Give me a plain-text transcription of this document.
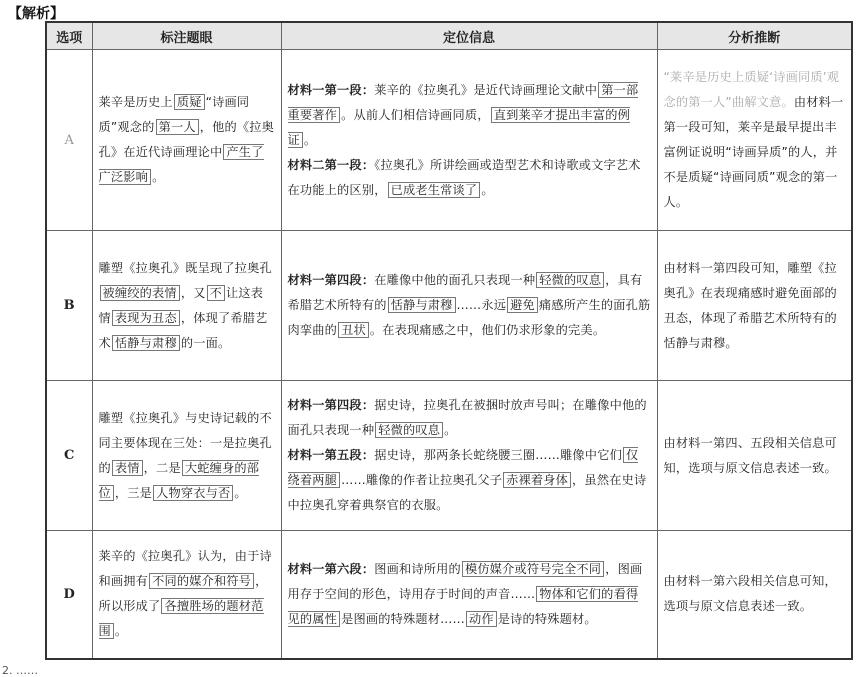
【解析】
选项	标注题眼	定位信息	分析推断
A	莱辛是历史上 质疑 “诗画同质”观念的 第一人 ，他的《拉奥孔》在近代诗画理论中 产生了广泛影响 。	材料一第一段：莱辛的《拉奥孔》是近代诗画理论文献中 第一部重要著作 。从前人们相信诗画同质， 直到莱辛才提出丰富的例证 。
材料二第一段：《拉奥孔》所讲绘画或造型艺术和诗歌或文字艺术在功能上的区别， 已成老生常谈了 。	“莱辛是历史上质疑‘诗画同质’观念的第一人”曲解文意。由材料一第一段可知，莱辛是最早提出丰富例证说明“诗画异质”的人，并不是质疑“诗画同质”观念的第一人。
B	雕塑《拉奥孔》既呈现了拉奥孔被缠绞的表情 ，又 不 让这表情 表现为丑态 ，体现了希腊艺术 恬静与肃穆 的一面。	材料一第四段：在雕像中他的面孔只表现一种 轻微的叹息 ，具有希腊艺术所特有的 恬静与肃穆 ……永远 避免 痛感所产生的面孔筋肉挛曲的 丑状 。在表现痛感之中，他们仍求形象的完美。	由材料一第四段可知，雕塑《拉奥孔》在表现痛感时避免面部的丑态，体现了希腊艺术所特有的恬静与肃穆。
C	雕塑《拉奥孔》与史诗记载的不同主要体现在三处：一是拉奥孔的 表情 ，二是 大蛇缠身的部位 ，三是 人物穿衣与否 。	材料一第四段：据史诗，拉奥孔在被捆时放声号叫；在雕像中他的面孔只表现一种 轻微的叹息 。
材料一第五段：据史诗，那两条长蛇绕腰三圈……雕像中它们 仅绕着两腿 ……雕像的作者让拉奥孔父子 赤裸着身体 ，虽然在史诗中拉奥孔穿着典祭官的衣服。	由材料一第四、五段相关信息可知，选项与原文信息表述一致。
D	莱辛的《拉奥孔》认为，由于诗和画拥有 不同的媒介和符号 ，所以形成了 各擅胜场的题材范围 。	材料一第六段：图画和诗所用的 模仿媒介或符号完全不同 ，图画用存于空间的形色，诗用存于时间的声音…… 物体和它们的看得见的属性 是图画的特殊题材…… 动作 是诗的特殊题材。	由材料一第六段相关信息可知，选项与原文信息表述一致。
2. ……
